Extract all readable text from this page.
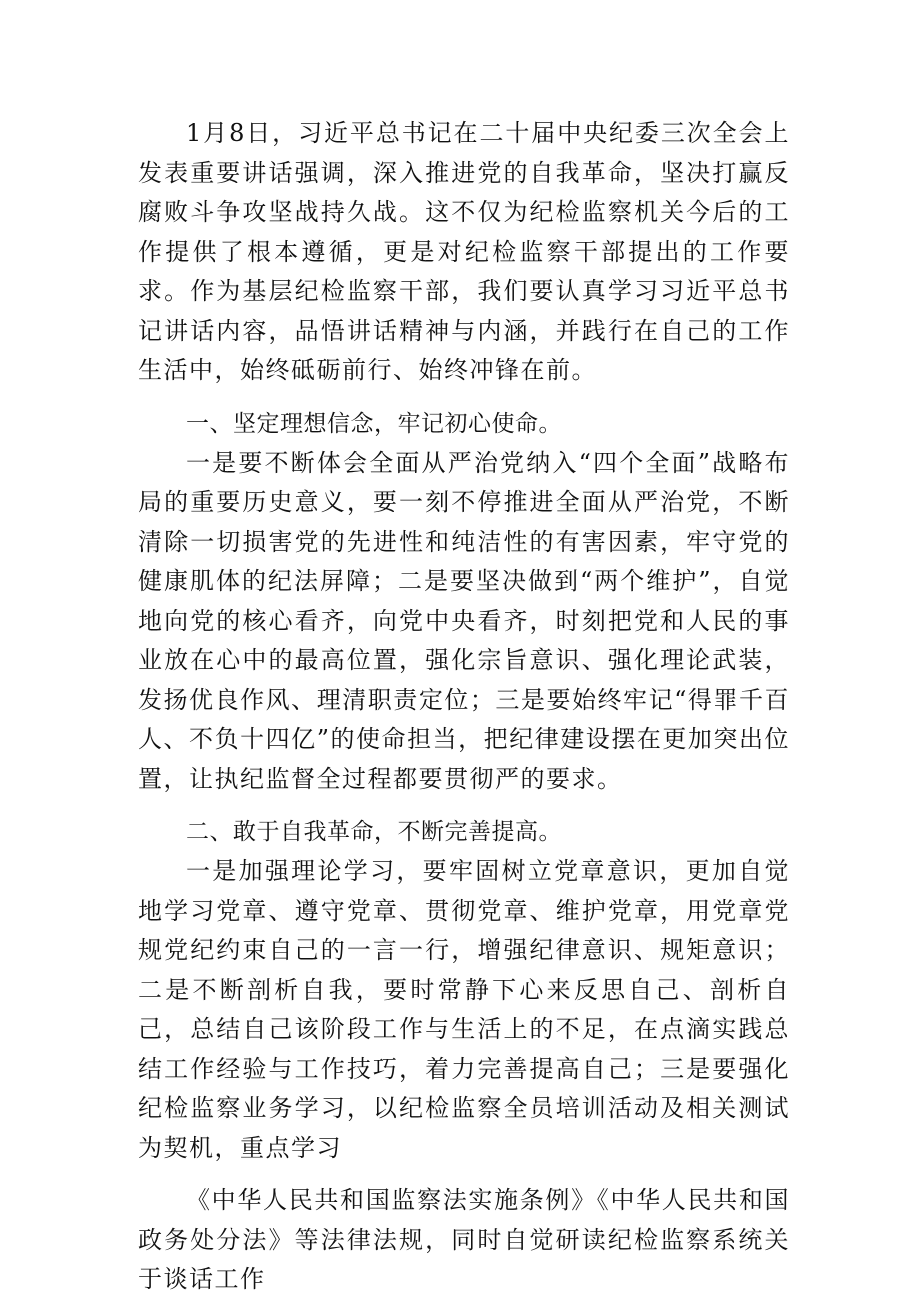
1月8日，习近平总书记在二十届中央纪委三次全会上发表重要讲话强调，深入推进党的自我革命，坚决打赢反腐败斗争攻坚战持久战。这不仅为纪检监察机关今后的工作提供了根本遵循，更是对纪检监察干部提出的工作要求。作为基层纪检监察干部，我们要认真学习习近平总书记讲话内容，品悟讲话精神与内涵，并践行在自己的工作生活中，始终砥砺前行、始终冲锋在前。

一、坚定理想信念，牢记初心使命。

一是要不断体会全面从严治党纳入“四个全面”战略布局的重要历史意义，要一刻不停推进全面从严治党，不断清除一切损害党的先进性和纯洁性的有害因素，牢守党的健康肌体的纪法屏障；二是要坚决做到“两个维护”，自觉地向党的核心看齐，向党中央看齐，时刻把党和人民的事业放在心中的最高位置，强化宗旨意识、强化理论武装，发扬优良作风、理清职责定位；三是要始终牢记“得罪千百人、不负十四亿”的使命担当，把纪律建设摆在更加突出位置，让执纪监督全过程都要贯彻严的要求。

二、敢于自我革命，不断完善提高。

一是加强理论学习，要牢固树立党章意识，更加自觉地学习党章、遵守党章、贯彻党章、维护党章，用党章党规党纪约束自己的一言一行，增强纪律意识、规矩意识；二是不断剖析自我，要时常静下心来反思自己、剖析自己，总结自己该阶段工作与生活上的不足，在点滴实践总结工作经验与工作技巧，着力完善提高自己；三是要强化纪检监察业务学习，以纪检监察全员培训活动及相关测试为契机，重点学习

《中华人民共和国监察法实施条例》《中华人民共和国政务处分法》等法律法规，同时自觉研读纪检监察系统关于谈话工作
